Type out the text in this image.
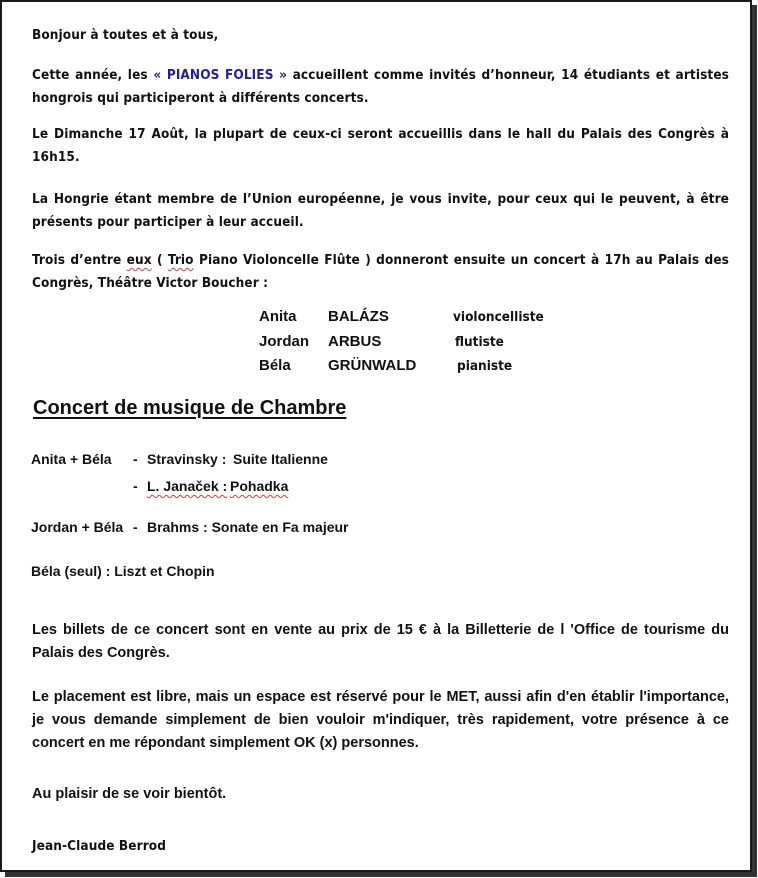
Bonjour à toutes et à tous,

Cette année, les « PIANOS FOLIES » accueillent comme invités d’honneur, 14 étudiants et artistes hongrois qui participeront à différents concerts.

Le Dimanche 17 Août, la plupart de ceux-ci seront accueillis dans le hall du Palais des Congrès à 16h15.

La Hongrie étant membre de l’Union européenne, je vous invite, pour ceux qui le peuvent, à être présents pour participer à leur accueil.

Trois d’entre eux ( Trio Piano Violoncelle Flûte ) donneront ensuite un concert à 17h au Palais des Congrès, Théâtre Victor Boucher :

Anita BALÁZS	violoncelliste
Jordan ARBUS	flutiste
Béla GRÜNWALD	pianiste
Concert de musique de Chambre
Anita + Béla - Stravinsky : Suite Italienne
- L. Janaček : Pohadka
Jordan + Béla - Brahms : Sonate en Fa majeur
Béla (seul) : Liszt et Chopin

Les billets de ce concert sont en vente au prix de 15 € à la Billetterie de l 'Office de tourisme du Palais des Congrès.

Le placement est libre, mais un espace est réservé pour le MET, aussi afin d'en établir l'importance, je vous demande simplement de bien vouloir m'indiquer, très rapidement, votre présence à ce concert en me répondant simplement OK (x) personnes.

Au plaisir de se voir bientôt.

Jean-Claude Berrod
